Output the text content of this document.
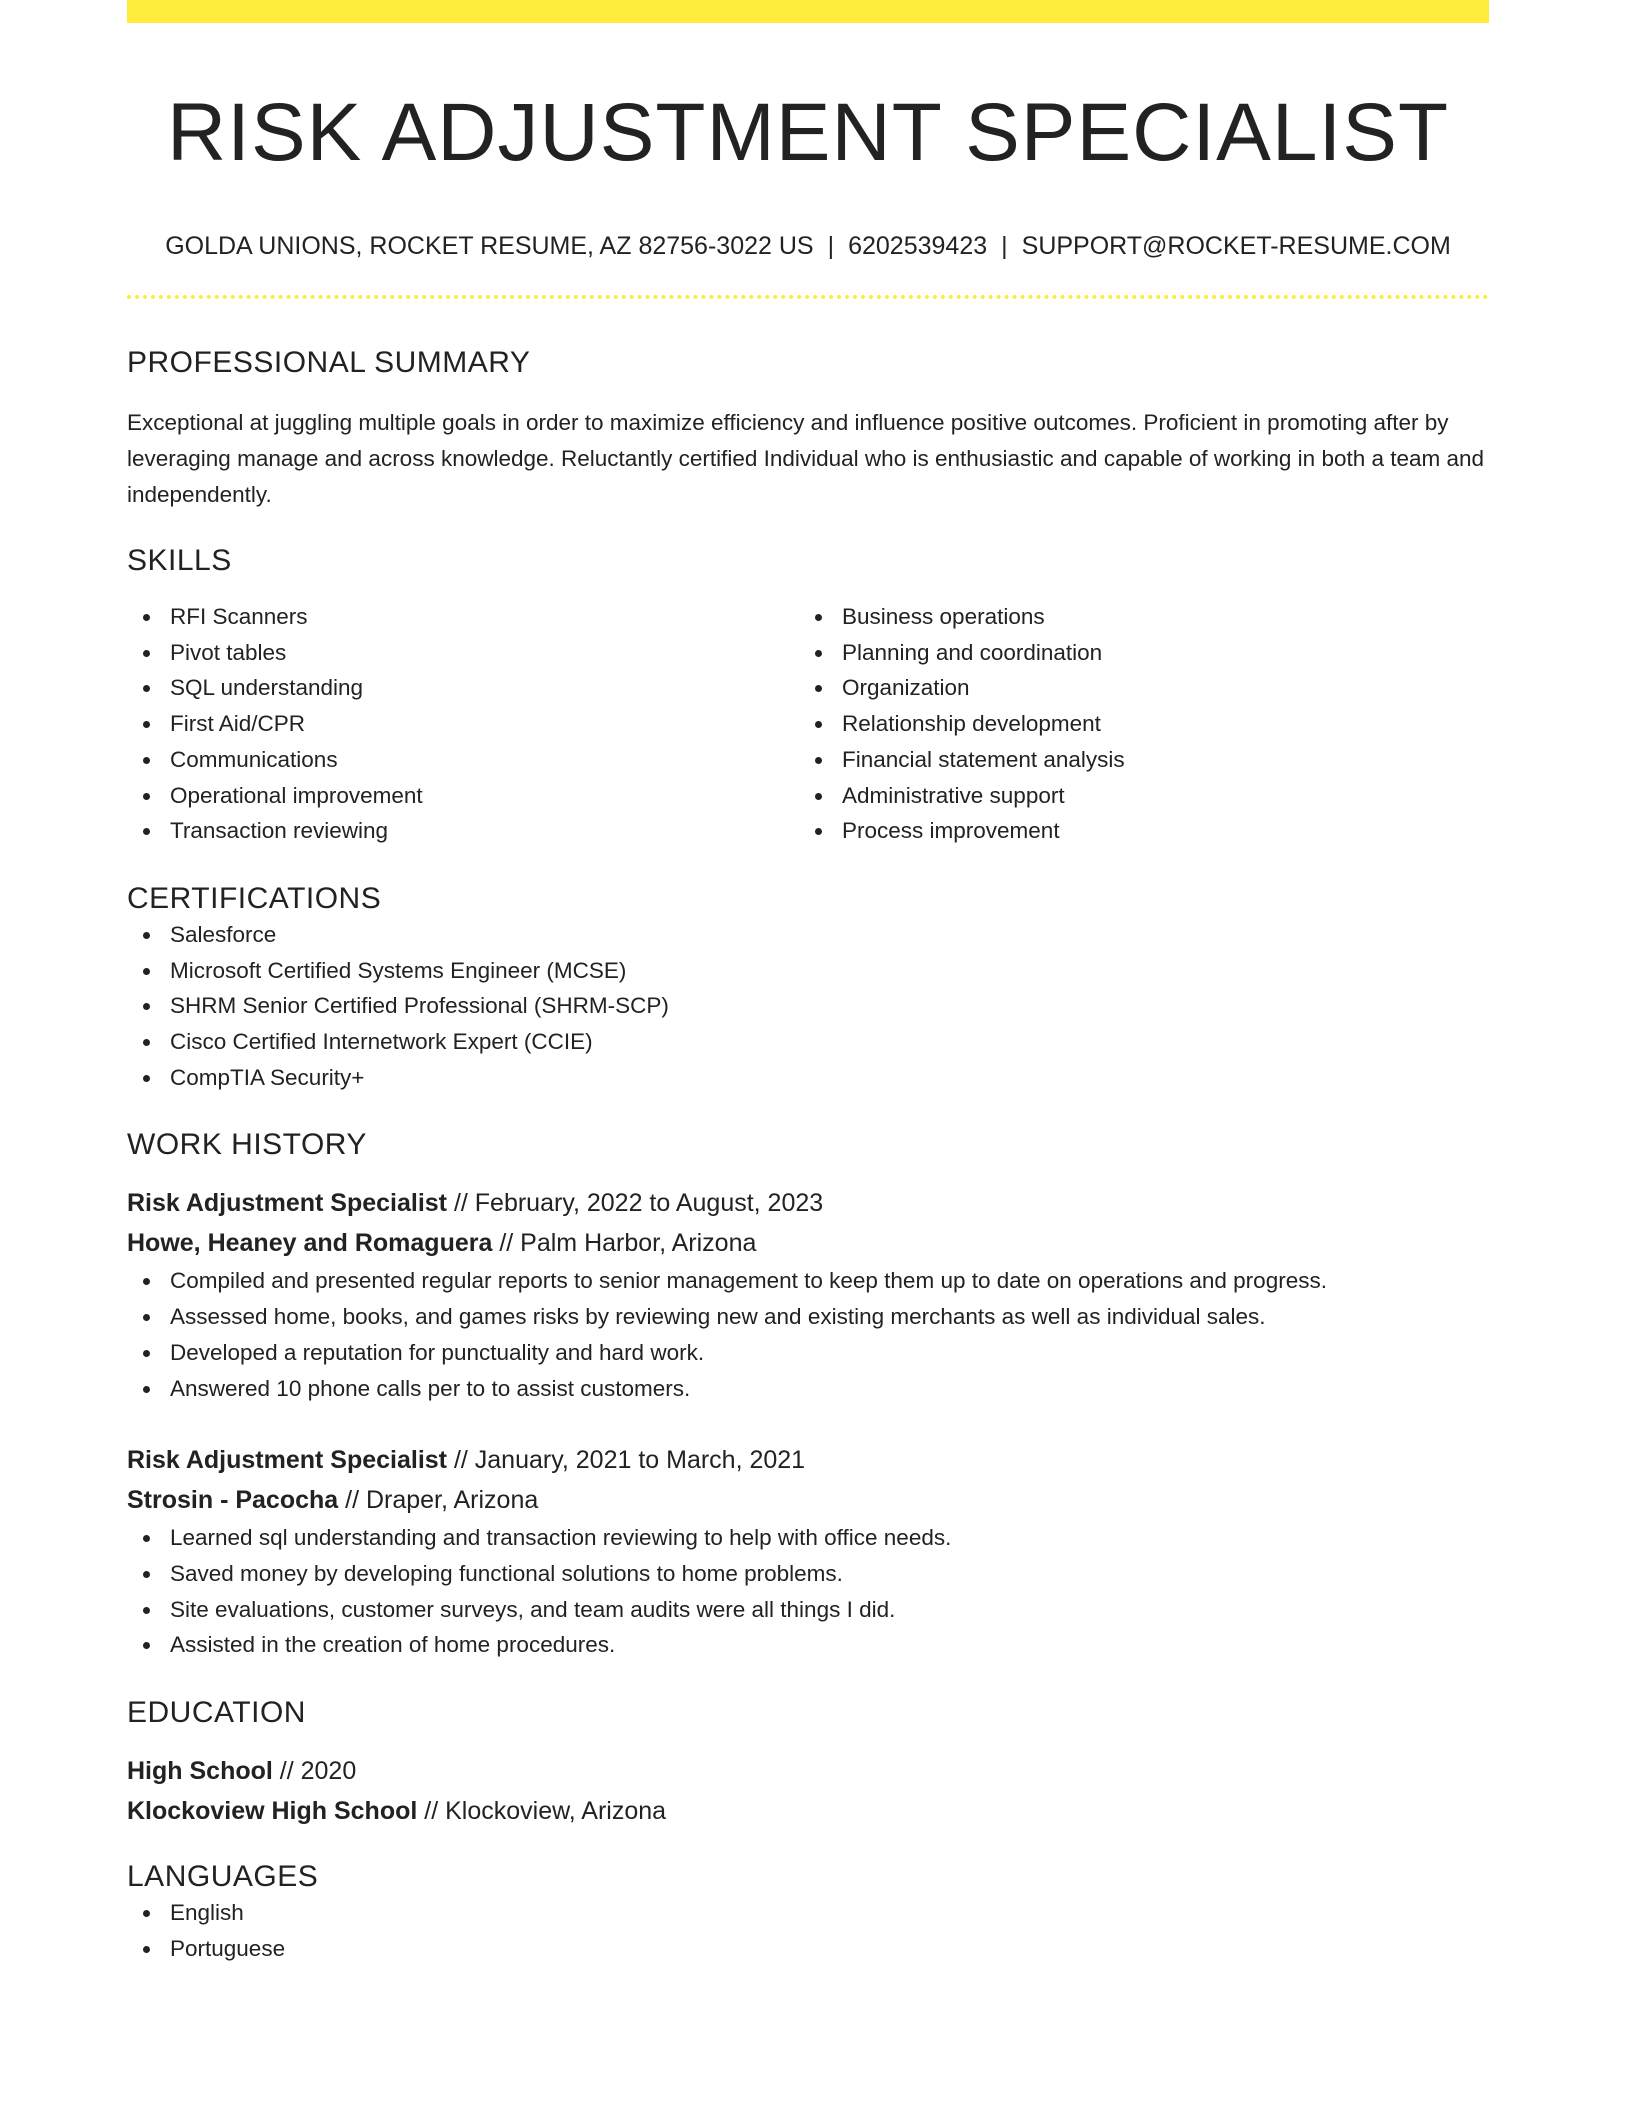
RISK ADJUSTMENT SPECIALIST
GOLDA UNIONS, ROCKET RESUME, AZ 82756-3022 US | 6202539423 | SUPPORT@ROCKET-RESUME.COM
PROFESSIONAL SUMMARY
Exceptional at juggling multiple goals in order to maximize efficiency and influence positive outcomes. Proficient in promoting after by leveraging manage and across knowledge. Reluctantly certified Individual who is enthusiastic and capable of working in both a team and independently.
SKILLS
RFI Scanners
Pivot tables
SQL understanding
First Aid/CPR
Communications
Operational improvement
Transaction reviewing
Business operations
Planning and coordination
Organization
Relationship development
Financial statement analysis
Administrative support
Process improvement
CERTIFICATIONS
Salesforce
Microsoft Certified Systems Engineer (MCSE)
SHRM Senior Certified Professional (SHRM-SCP)
Cisco Certified Internetwork Expert (CCIE)
CompTIA Security+
WORK HISTORY
Risk Adjustment Specialist // February, 2022 to August, 2023
Howe, Heaney and Romaguera // Palm Harbor, Arizona
Compiled and presented regular reports to senior management to keep them up to date on operations and progress.
Assessed home, books, and games risks by reviewing new and existing merchants as well as individual sales.
Developed a reputation for punctuality and hard work.
Answered 10 phone calls per to to assist customers.
Risk Adjustment Specialist // January, 2021 to March, 2021
Strosin - Pacocha // Draper, Arizona
Learned sql understanding and transaction reviewing to help with office needs.
Saved money by developing functional solutions to home problems.
Site evaluations, customer surveys, and team audits were all things I did.
Assisted in the creation of home procedures.
EDUCATION
High School // 2020
Klockoview High School // Klockoview, Arizona
LANGUAGES
English
Portuguese
